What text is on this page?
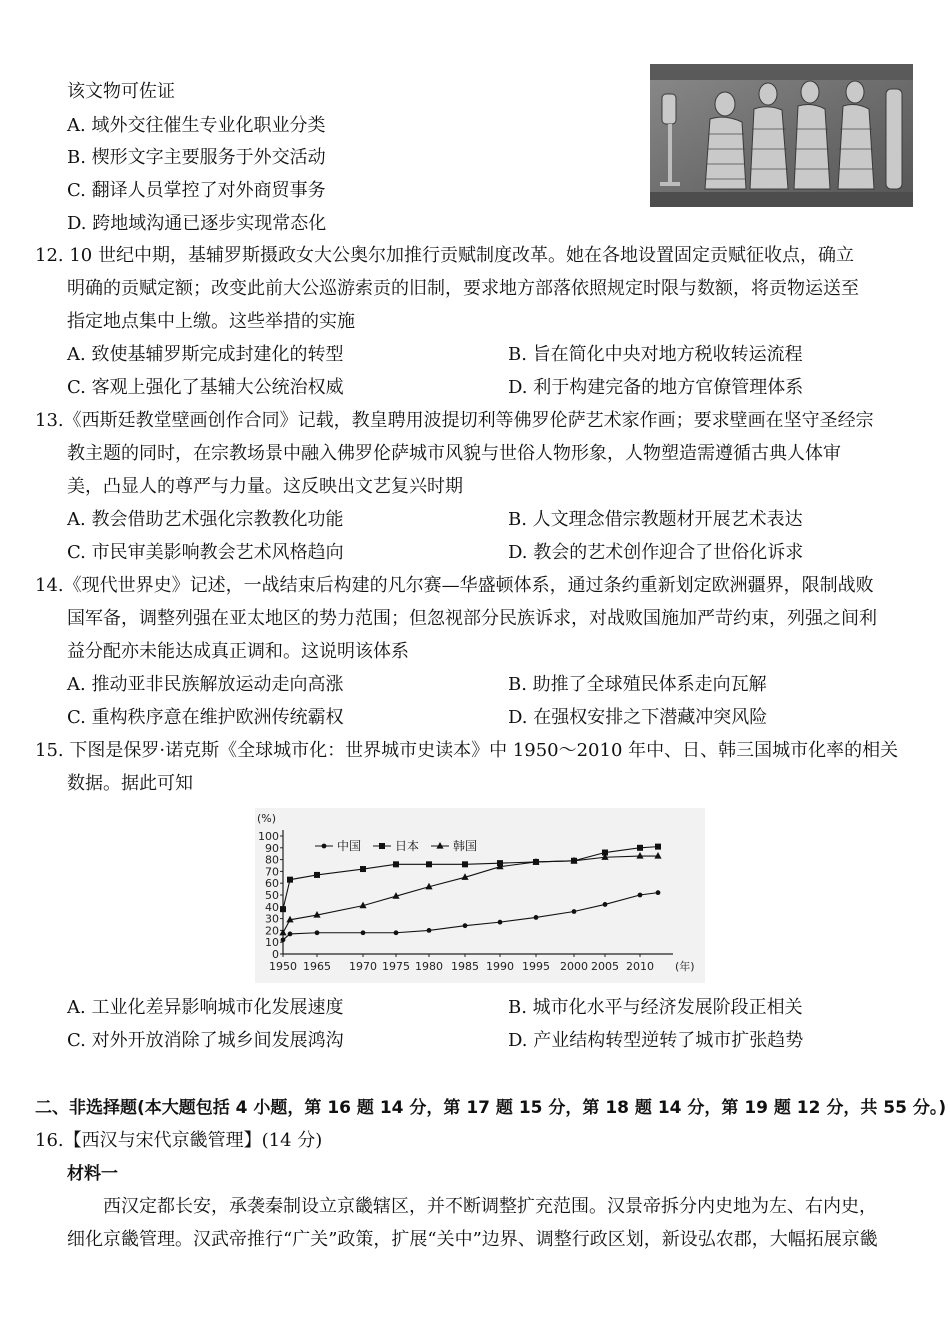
该文物可佐证
A. 域外交往催生专业化职业分类
B. 楔形文字主要服务于外交活动
C. 翻译人员掌控了对外商贸事务
D. 跨地域沟通已逐步实现常态化
12. 10 世纪中期，基辅罗斯摄政女大公奥尔加推行贡赋制度改革。她在各地设置固定贡赋征收点，确立
明确的贡赋定额；改变此前大公巡游索贡的旧制，要求地方部落依照规定时限与数额，将贡物运送至
指定地点集中上缴。这些举措的实施
A. 致使基辅罗斯完成封建化的转型	B. 旨在简化中央对地方税收转运流程
C. 客观上强化了基辅大公统治权威	D. 利于构建完备的地方官僚管理体系
13.《西斯廷教堂壁画创作合同》记载，教皇聘用波提切利等佛罗伦萨艺术家作画；要求壁画在坚守圣经宗
教主题的同时，在宗教场景中融入佛罗伦萨城市风貌与世俗人物形象，人物塑造需遵循古典人体审
美，凸显人的尊严与力量。这反映出文艺复兴时期
A. 教会借助艺术强化宗教教化功能	B. 人文理念借宗教题材开展艺术表达
C. 市民审美影响教会艺术风格趋向	D. 教会的艺术创作迎合了世俗化诉求
14.《现代世界史》记述，一战结束后构建的凡尔赛—华盛顿体系，通过条约重新划定欧洲疆界，限制战败
国军备，调整列强在亚太地区的势力范围；但忽视部分民族诉求，对战败国施加严苛约束，列强之间利
益分配亦未能达成真正调和。这说明该体系
A. 推动亚非民族解放运动走向高涨	B. 助推了全球殖民体系走向瓦解
C. 重构秩序意在维护欧洲传统霸权	D. 在强权安排之下潜藏冲突风险
15. 下图是保罗·诺克斯《全球城市化：世界城市史读本》中 1950～2010 年中、日、韩三国城市化率的相关
数据。据此可知
(%)
0
10
20
30
40
50
60
70
80
90
100
1950 1965 1970 1975 1980 1985 1990 1995 2000 2005 2010 (年)
中国	日本	韩国
A. 工业化差异影响城市化发展速度	B. 城市化水平与经济发展阶段正相关
C. 对外开放消除了城乡间发展鸿沟	D. 产业结构转型逆转了城市扩张趋势
二、非选择题(本大题包括 4 小题，第 16 题 14 分，第 17 题 15 分，第 18 题 14 分，第 19 题 12 分，共 55 分。)
16.【西汉与宋代京畿管理】(14 分)
材料一
西汉定都长安，承袭秦制设立京畿辖区，并不断调整扩充范围。汉景帝拆分内史地为左、右内史，
细化京畿管理。汉武帝推行“广关”政策，扩展“关中”边界、调整行政区划，新设弘农郡，大幅拓展京畿
